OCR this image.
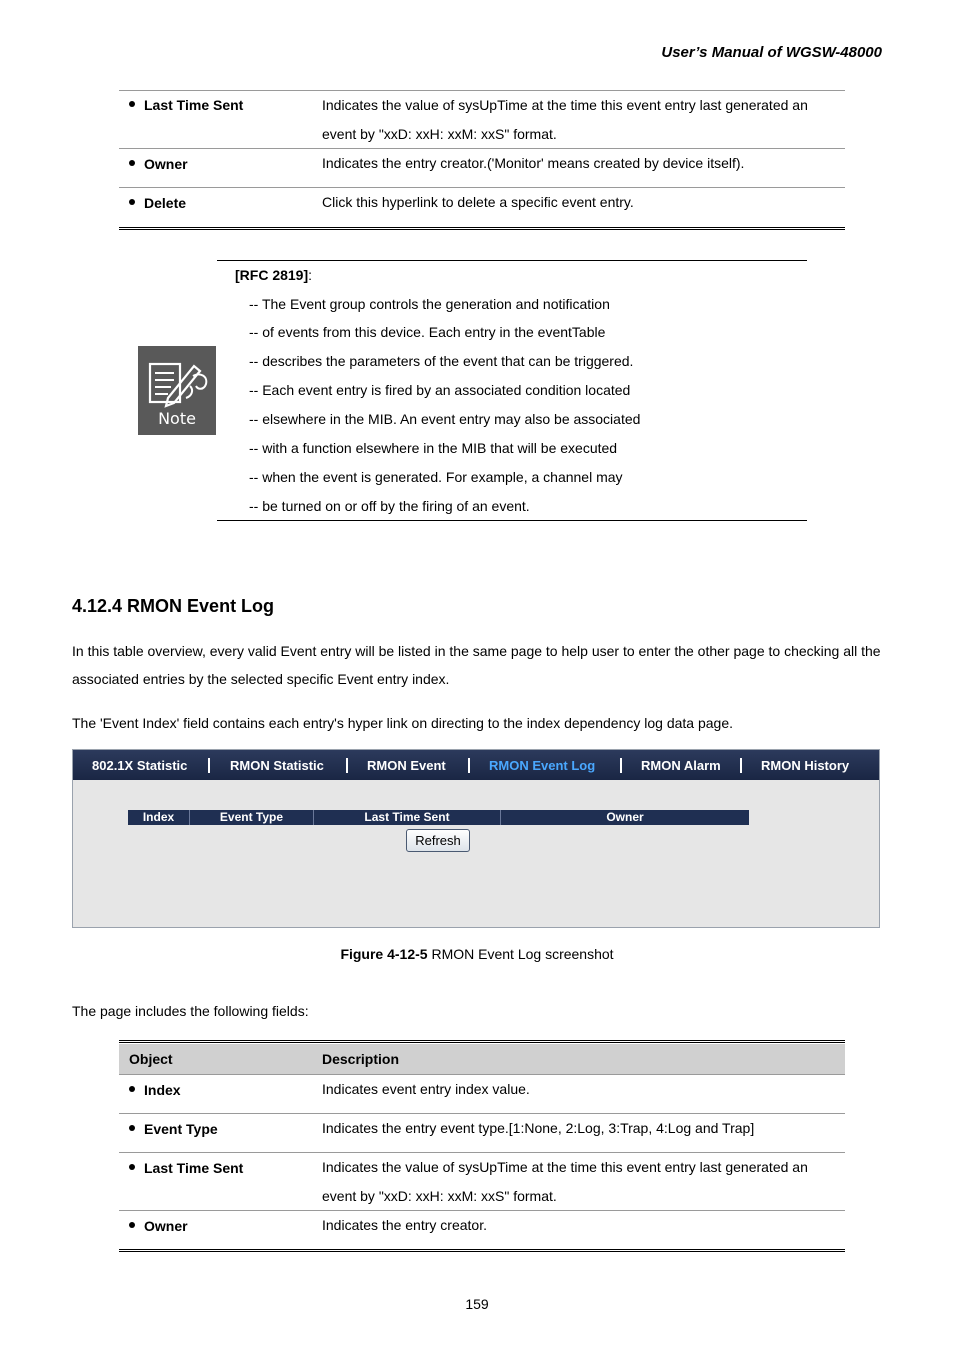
User’s Manual of WGSW-48000
Last Time Sent	Indicates the value of sysUpTime at the time this event entry last generated an
event by "xxD: xxH: xxM: xxS" format.
Owner	Indicates the entry creator.('Monitor' means created by device itself).
Delete	Click this hyperlink to delete a specific event entry.
Note
[RFC 2819]:
-- The Event group controls the generation and notification
-- of events from this device. Each entry in the eventTable
-- describes the parameters of the event that can be triggered.
-- Each event entry is fired by an associated condition located
-- elsewhere in the MIB. An event entry may also be associated
-- with a function elsewhere in the MIB that will be executed
-- when the event is generated. For example, a channel may
-- be turned on or off by the firing of an event.
4.12.4 RMON Event Log
In this table overview, every valid Event entry will be listed in the same page to help user to enter the other page to checking all the associated entries by the selected specific Event entry index.
The 'Event Index' field contains each entry's hyper link on directing to the index dependency log data page.
802.1X Statistic	RMON Statistic	RMON Event	RMON Event Log	RMON Alarm	RMON History
Index	Event Type	Last Time Sent	Owner
Refresh
Figure 4-12-5 RMON Event Log screenshot
The page includes the following fields:
Object	Description
Index	Indicates event entry index value.
Event Type	Indicates the entry event type.[1:None, 2:Log, 3:Trap, 4:Log and Trap]
Last Time Sent	Indicates the value of sysUpTime at the time this event entry last generated an
event by "xxD: xxH: xxM: xxS" format.
Owner	Indicates the entry creator.
159
